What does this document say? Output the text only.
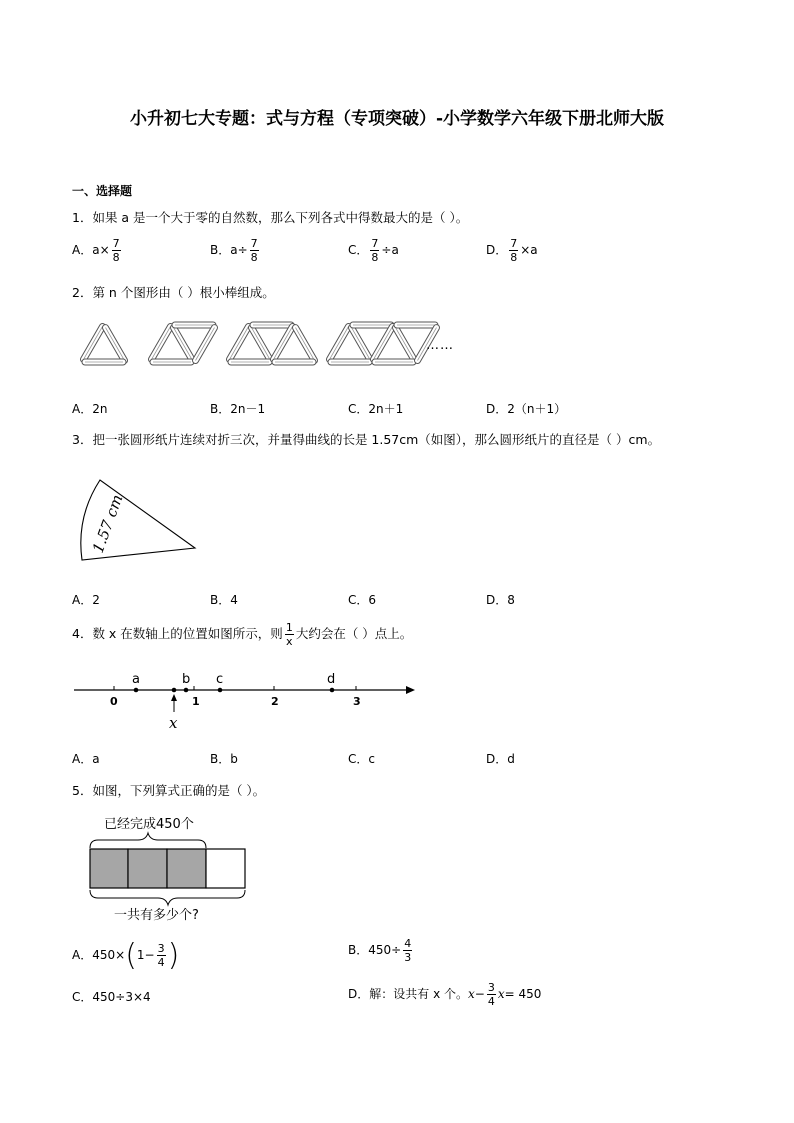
小升初七大专题：式与方程（专项突破）-小学数学六年级下册北师大版
一、选择题
1．如果 a 是一个大于零的自然数，那么下列各式中得数最大的是（ ）。
A．$a\times \frac{7}{8}$	B．$a\div \frac{7}{8}$	C． $\frac{7}{8} \div a$	D． $\frac{7}{8} \times a$
2．第 n 个图形由（ ）根小棒组成。
……
A．2n	B．2n－1	C．2n＋1	D．2（n＋1）
3．把一张圆形纸片连续对折三次，并量得曲线的长是 1.57cm（如图），那么圆形纸片的直径是（ ）cm。
1.57 cm
A．2	B．4	C．6	D．8
4．数 x 在数轴上的位置如图所示，则 $\frac{1}{x}$ 大约会在（ ）点上。
0	1	2	3
a	b c	d
x
A．a	B．b	C．c	D．d
5．如图，下列算式正确的是（ ）。
已经完成450个
一共有多少个?
A．$450\times(1- \frac{3}{4}$ )	B．$450\div \frac{4}{3}$
C．450÷3×4	D．解：设共有 x 个。$x- \frac{3}{4} x= 450$
